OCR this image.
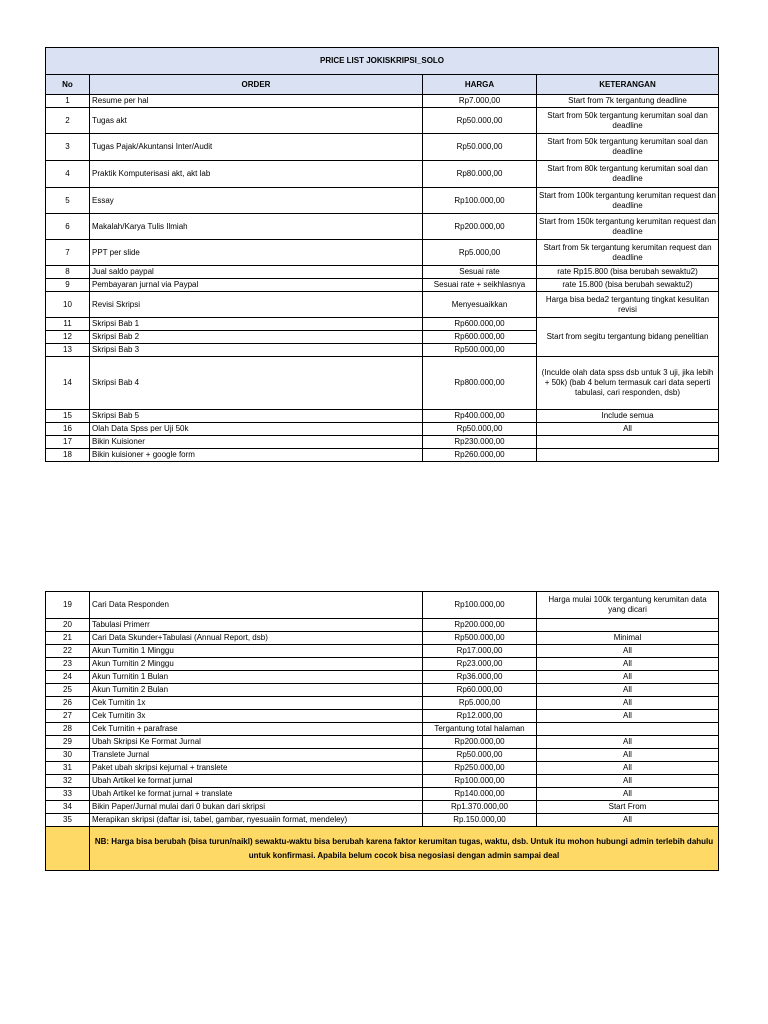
PRICE LIST JOKISKRIPSI_SOLO			
No	ORDER	HARGA	KETERANGAN
1	Resume per hal	Rp7.000,00	Start from 7k tergantung deadline
2	Tugas akt	Rp50.000,00	Start from 50k tergantung kerumitan soal dan deadline
3	Tugas Pajak/Akuntansi Inter/Audit	Rp50.000,00	Start from 50k tergantung kerumitan soal dan deadline
4	Praktik Komputerisasi akt, akt lab	Rp80.000,00	Start from 80k tergantung kerumitan soal dan deadline
5	Essay	Rp100.000,00	Start from 100k tergantung kerumitan request dan deadline
6	Makalah/Karya Tulis Ilmiah	Rp200.000,00	Start from 150k tergantung kerumitan request dan deadline
7	PPT per slide	Rp5.000,00	Start from 5k tergantung kerumitan request dan deadline
8	Jual saldo paypal	Sesuai rate	rate Rp15.800 (bisa berubah sewaktu2)
9	Pembayaran jurnal via Paypal	Sesuai rate + seikhlasnya	rate 15.800 (bisa berubah sewaktu2)
10	Revisi Skripsi	Menyesuaikkan	Harga bisa beda2 tergantung tingkat kesulitan revisi
11	Skripsi Bab 1	Rp600.000,00	Start from segitu tergantung bidang penelitian
12	Skripsi Bab 2	Rp600.000,00	
13	Skripsi Bab 3	Rp500.000,00	
14	Skripsi Bab 4	Rp800.000,00	(Inculde olah data spss dsb untuk 3 uji, jika lebih + 50k) (bab 4 belum termasuk cari data seperti tabulasi, cari responden, dsb)
15	Skripsi Bab 5	Rp400.000,00	Include semua
16	Olah Data Spss per Uji 50k	Rp50.000,00	All
17	Bikin Kuisioner	Rp230.000,00	
18	Bikin kuisioner + google form	Rp260.000,00	
19	Cari Data Responden	Rp100.000,00	Harga mulai 100k tergantung kerumitan data yang dicari
20	Tabulasi Primerr	Rp200.000,00	
21	Cari Data Skunder+Tabulasi (Annual Report, dsb)	Rp500.000,00	Minimal
22	Akun Turnitin 1 Minggu	Rp17.000,00	All
23	Akun Turnitin 2 Minggu	Rp23.000,00	All
24	Akun Turnitin 1 Bulan	Rp36.000,00	All
25	Akun Turnitin 2 Bulan	Rp60.000,00	All
26	Cek Turnitin 1x	Rp5.000,00	All
27	Cek Turnitin 3x	Rp12.000,00	All
28	Cek Turnitin + parafrase	Tergantung total halaman	
29	Ubah Skripsi Ke Format Jurnal	Rp200.000,00	All
30	Translete Jurnal	Rp50.000,00	All
31	Paket ubah skripsi kejurnal + translete	Rp250.000,00	All
32	Ubah Artikel ke format jurnal	Rp100.000,00	All
33	Ubah Artikel ke format jurnal + translate	Rp140.000,00	All
34	Bikin Paper/Jurnal mulai dari 0 bukan dari skripsi	Rp1.370.000,00	Start From
35	Merapikan skripsi (daftar isi, tabel, gambar, nyesuaiin format, mendeley)	Rp.150.000,00	All
	NB: Harga bisa berubah (bisa turun/naikl) sewaktu-waktu bisa berubah karena faktor kerumitan tugas, waktu, dsb. Untuk itu mohon hubungi admin terlebih dahulu untuk konfirmasi. Apabila belum cocok bisa negosiasi dengan admin sampai deal		
